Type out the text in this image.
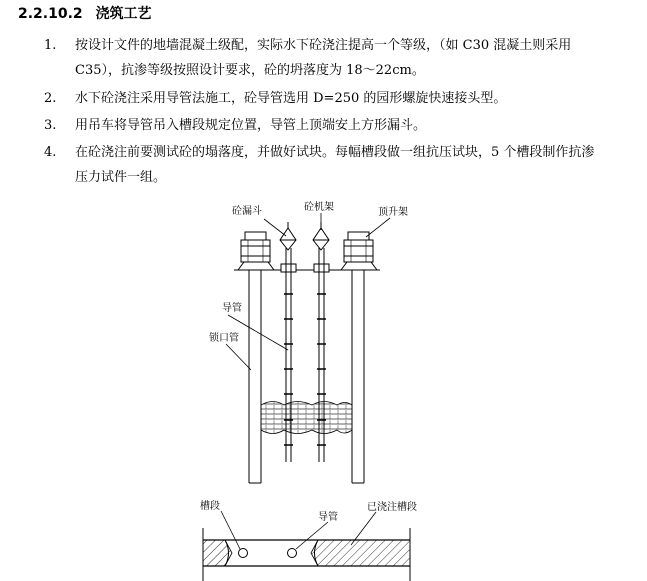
2.2.10.2 浇筑工艺
1.	按设计文件的地墙混凝土级配，实际水下砼浇注提高一个等级，（如 C30 混凝土则采用
C35），抗渗等级按照设计要求，砼的坍落度为 18～22cm。
2.	水下砼浇注采用导管法施工，砼导管选用 D=250 的园形螺旋快速接头型。
3.	用吊车将导管吊入槽段规定位置，导管上顶端安上方形漏斗。
4.	在砼浇注前要测试砼的塌落度，并做好试块。每幅槽段做一组抗压试块，5 个槽段制作抗渗
压力试件一组。
砼漏斗	砼机架	顶升架
导管
锁口管
槽段
导管
已浇注槽段
